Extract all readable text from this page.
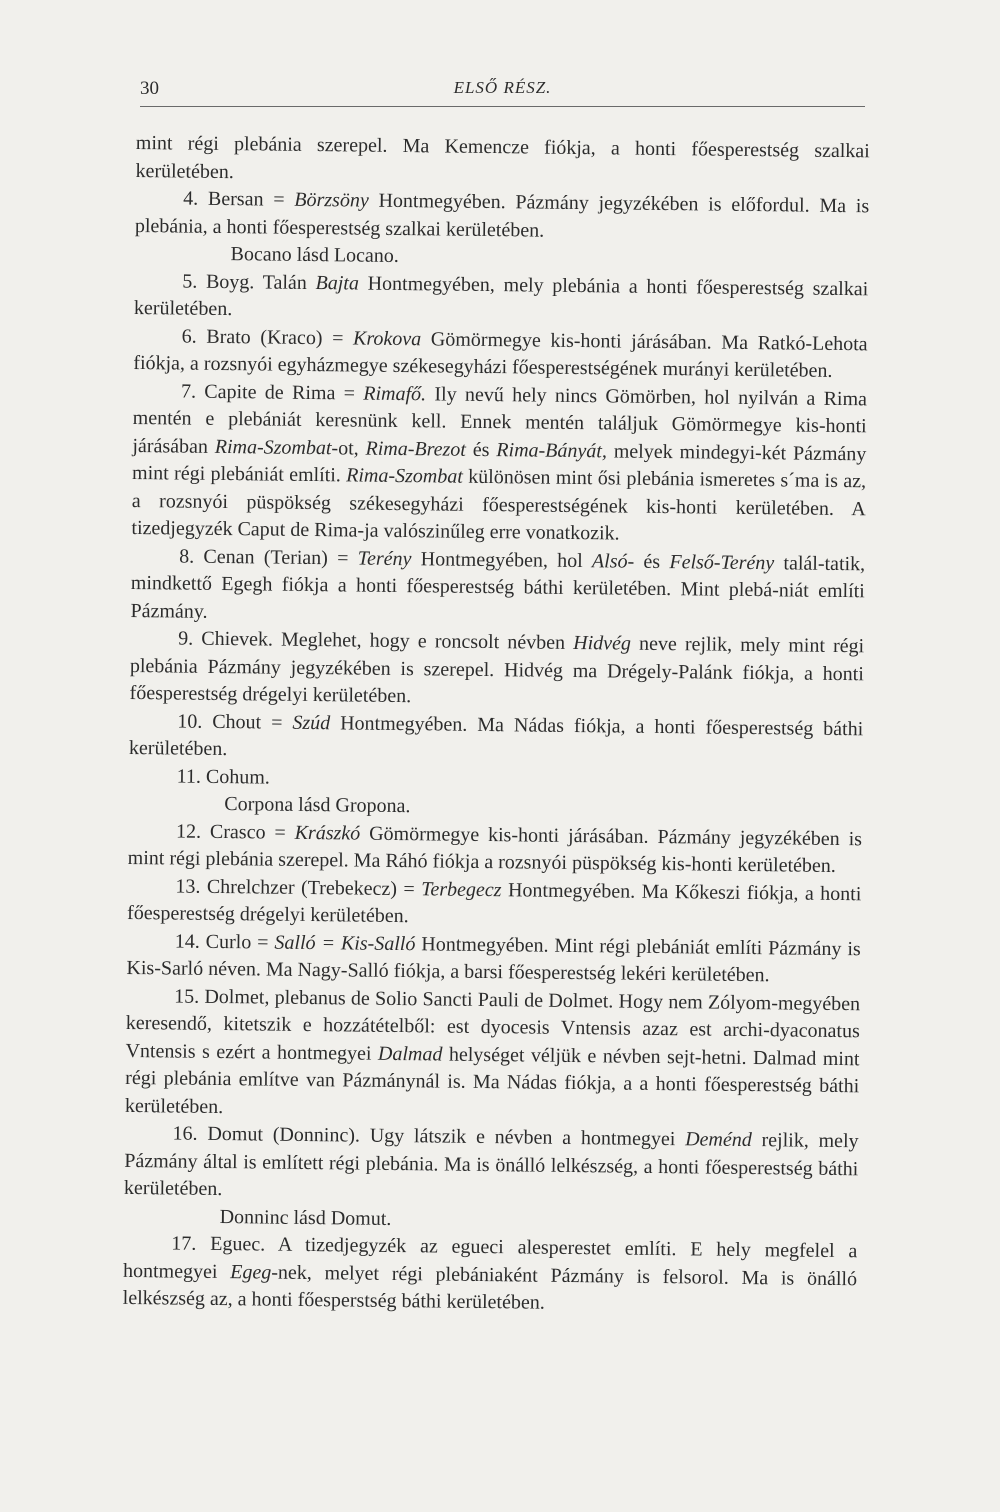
30	ELSŐ RÉSZ.

mint régi plebánia szerepel. Ma Kemencze fiókja, a honti főesperestség szalkai kerületében.

4. Bersan = Börzsöny Hontmegyében. Pázmány jegyzékében is előfordul. Ma is plebánia, a honti főesperestség szalkai kerületében.

Bocano lásd Locano.

5. Boyg. Talán Bajta Hontmegyében, mely plebánia a honti főesperestség szalkai kerületében.

6. Brato (Kraco) = Krokova Gömörmegye kis-honti járásában. Ma Ratkó-Lehota fiókja, a rozsnyói egyházmegye székesegyházi főesperestségének murányi kerületében.

7. Capite de Rima = Rimafő. Ily nevű hely nincs Gömörben, hol nyilván a Rima mentén e plebániát keresnünk kell. Ennek mentén találjuk Gömörmegye kis-honti járásában Rima-Szombat-ot, Rima-Brezot és Rima-Bányát, melyek mindegyi-két Pázmány mint régi plebániát említi. Rima-Szombat különösen mint ősi plebánia ismeretes s´ma is az, a rozsnyói püspökség székesegyházi főesperestségének kis-honti kerületében. A tizedjegyzék Caput de Rima-ja valószinűleg erre vonatkozik.

8. Cenan (Terian) = Terény Hontmegyében, hol Alsó- és Felső-Terény talál-tatik, mindkettő Egegh fiókja a honti főesperestség báthi kerületében. Mint plebá-niát említi Pázmány.

9. Chievek. Meglehet, hogy e roncsolt névben Hidvég neve rejlik, mely mint régi plebánia Pázmány jegyzékében is szerepel. Hidvég ma Drégely-Palánk fiókja, a honti főesperestség drégelyi kerületében.

10. Chout = Szúd Hontmegyében. Ma Nádas fiókja, a honti főesperestség báthi kerületében.

11. Cohum.

Corpona lásd Gropona.

12. Crasco = Krászkó Gömörmegye kis-honti járásában. Pázmány jegyzékében is mint régi plebánia szerepel. Ma Ráhó fiókja a rozsnyói püspökség kis-honti kerületében.

13. Chrelchzer (Trebekecz) = Terbegecz Hontmegyében. Ma Kőkeszi fiókja, a honti főesperestség drégelyi kerületében.

14. Curlo = Salló = Kis-Salló Hontmegyében. Mint régi plebániát említi Pázmány is Kis-Sarló néven. Ma Nagy-Salló fiókja, a barsi főesperestség lekéri kerületében.

15. Dolmet, plebanus de Solio Sancti Pauli de Dolmet. Hogy nem Zólyom-megyében keresendő, kitetszik e hozzátételből: est dyocesis Vntensis azaz est archi-dyaconatus Vntensis s ezért a hontmegyei Dalmad helységet véljük e névben sejt-hetni. Dalmad mint régi plebánia említve van Pázmánynál is. Ma Nádas fiókja, a a honti főesperestség báthi kerületében.

16. Domut (Donninc). Ugy látszik e névben a hontmegyei Deménd rejlik, mely Pázmány által is említett régi plebánia. Ma is önálló lelkészség, a honti főesperestség báthi kerületében.

Donninc lásd Domut.

17. Eguec. A tizedjegyzék az egueci alesperestet említi. E hely megfelel a hontmegyei Egeg-nek, melyet régi plebániaként Pázmány is felsorol. Ma is önálló lelkészség az, a honti főesperstség báthi kerületében.
